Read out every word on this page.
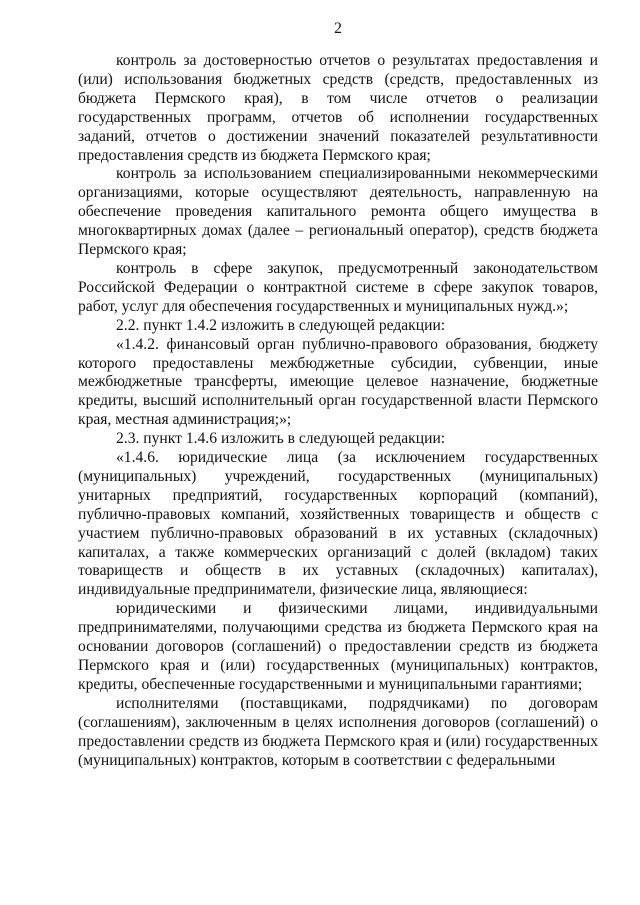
2

контроль за достоверностью отчетов о результатах предоставления и (или) использования бюджетных средств (средств, предоставленных из бюджета Пермского края), в том числе отчетов о реализации государственных программ, отчетов об исполнении государственных заданий, отчетов о достижении значений показателей результативности предоставления средств из бюджета Пермского края;

контроль за использованием специализированными некоммерческими организациями, которые осуществляют деятельность, направленную на обеспечение проведения капитального ремонта общего имущества в многоквартирных домах (далее – региональный оператор), средств бюджета Пермского края;

контроль в сфере закупок, предусмотренный законодательством Российской Федерации о контрактной системе в сфере закупок товаров, работ, услуг для обеспечения государственных и муниципальных нужд.»;

2.2. пункт 1.4.2 изложить в следующей редакции:

«1.4.2. финансовый орган публично-правового образования, бюджету которого предоставлены межбюджетные субсидии, субвенции, иные межбюджетные трансферты, имеющие целевое назначение, бюджетные кредиты, высший исполнительный орган государственной власти Пермского края, местная администрация;»;

2.3. пункт 1.4.6 изложить в следующей редакции:

«1.4.6. юридические лица (за исключением государственных (муниципальных) учреждений, государственных (муниципальных) унитарных предприятий, государственных корпораций (компаний), публично-правовых компаний, хозяйственных товариществ и обществ с участием публично-правовых образований в их уставных (складочных) капиталах, а также коммерческих организаций с долей (вкладом) таких товариществ и обществ в их уставных (складочных) капиталах), индивидуальные предприниматели, физические лица, являющиеся:

юридическими и физическими лицами, индивидуальными предпринимателями, получающими средства из бюджета Пермского края на основании договоров (соглашений) о предоставлении средств из бюджета Пермского края и (или) государственных (муниципальных) контрактов, кредиты, обеспеченные государственными и муниципальными гарантиями;

исполнителями (поставщиками, подрядчиками) по договорам (соглашениям), заключенным в целях исполнения договоров (соглашений) о предоставлении средств из бюджета Пермского края и (или) государственных (муниципальных) контрактов, которым в соответствии с федеральными
